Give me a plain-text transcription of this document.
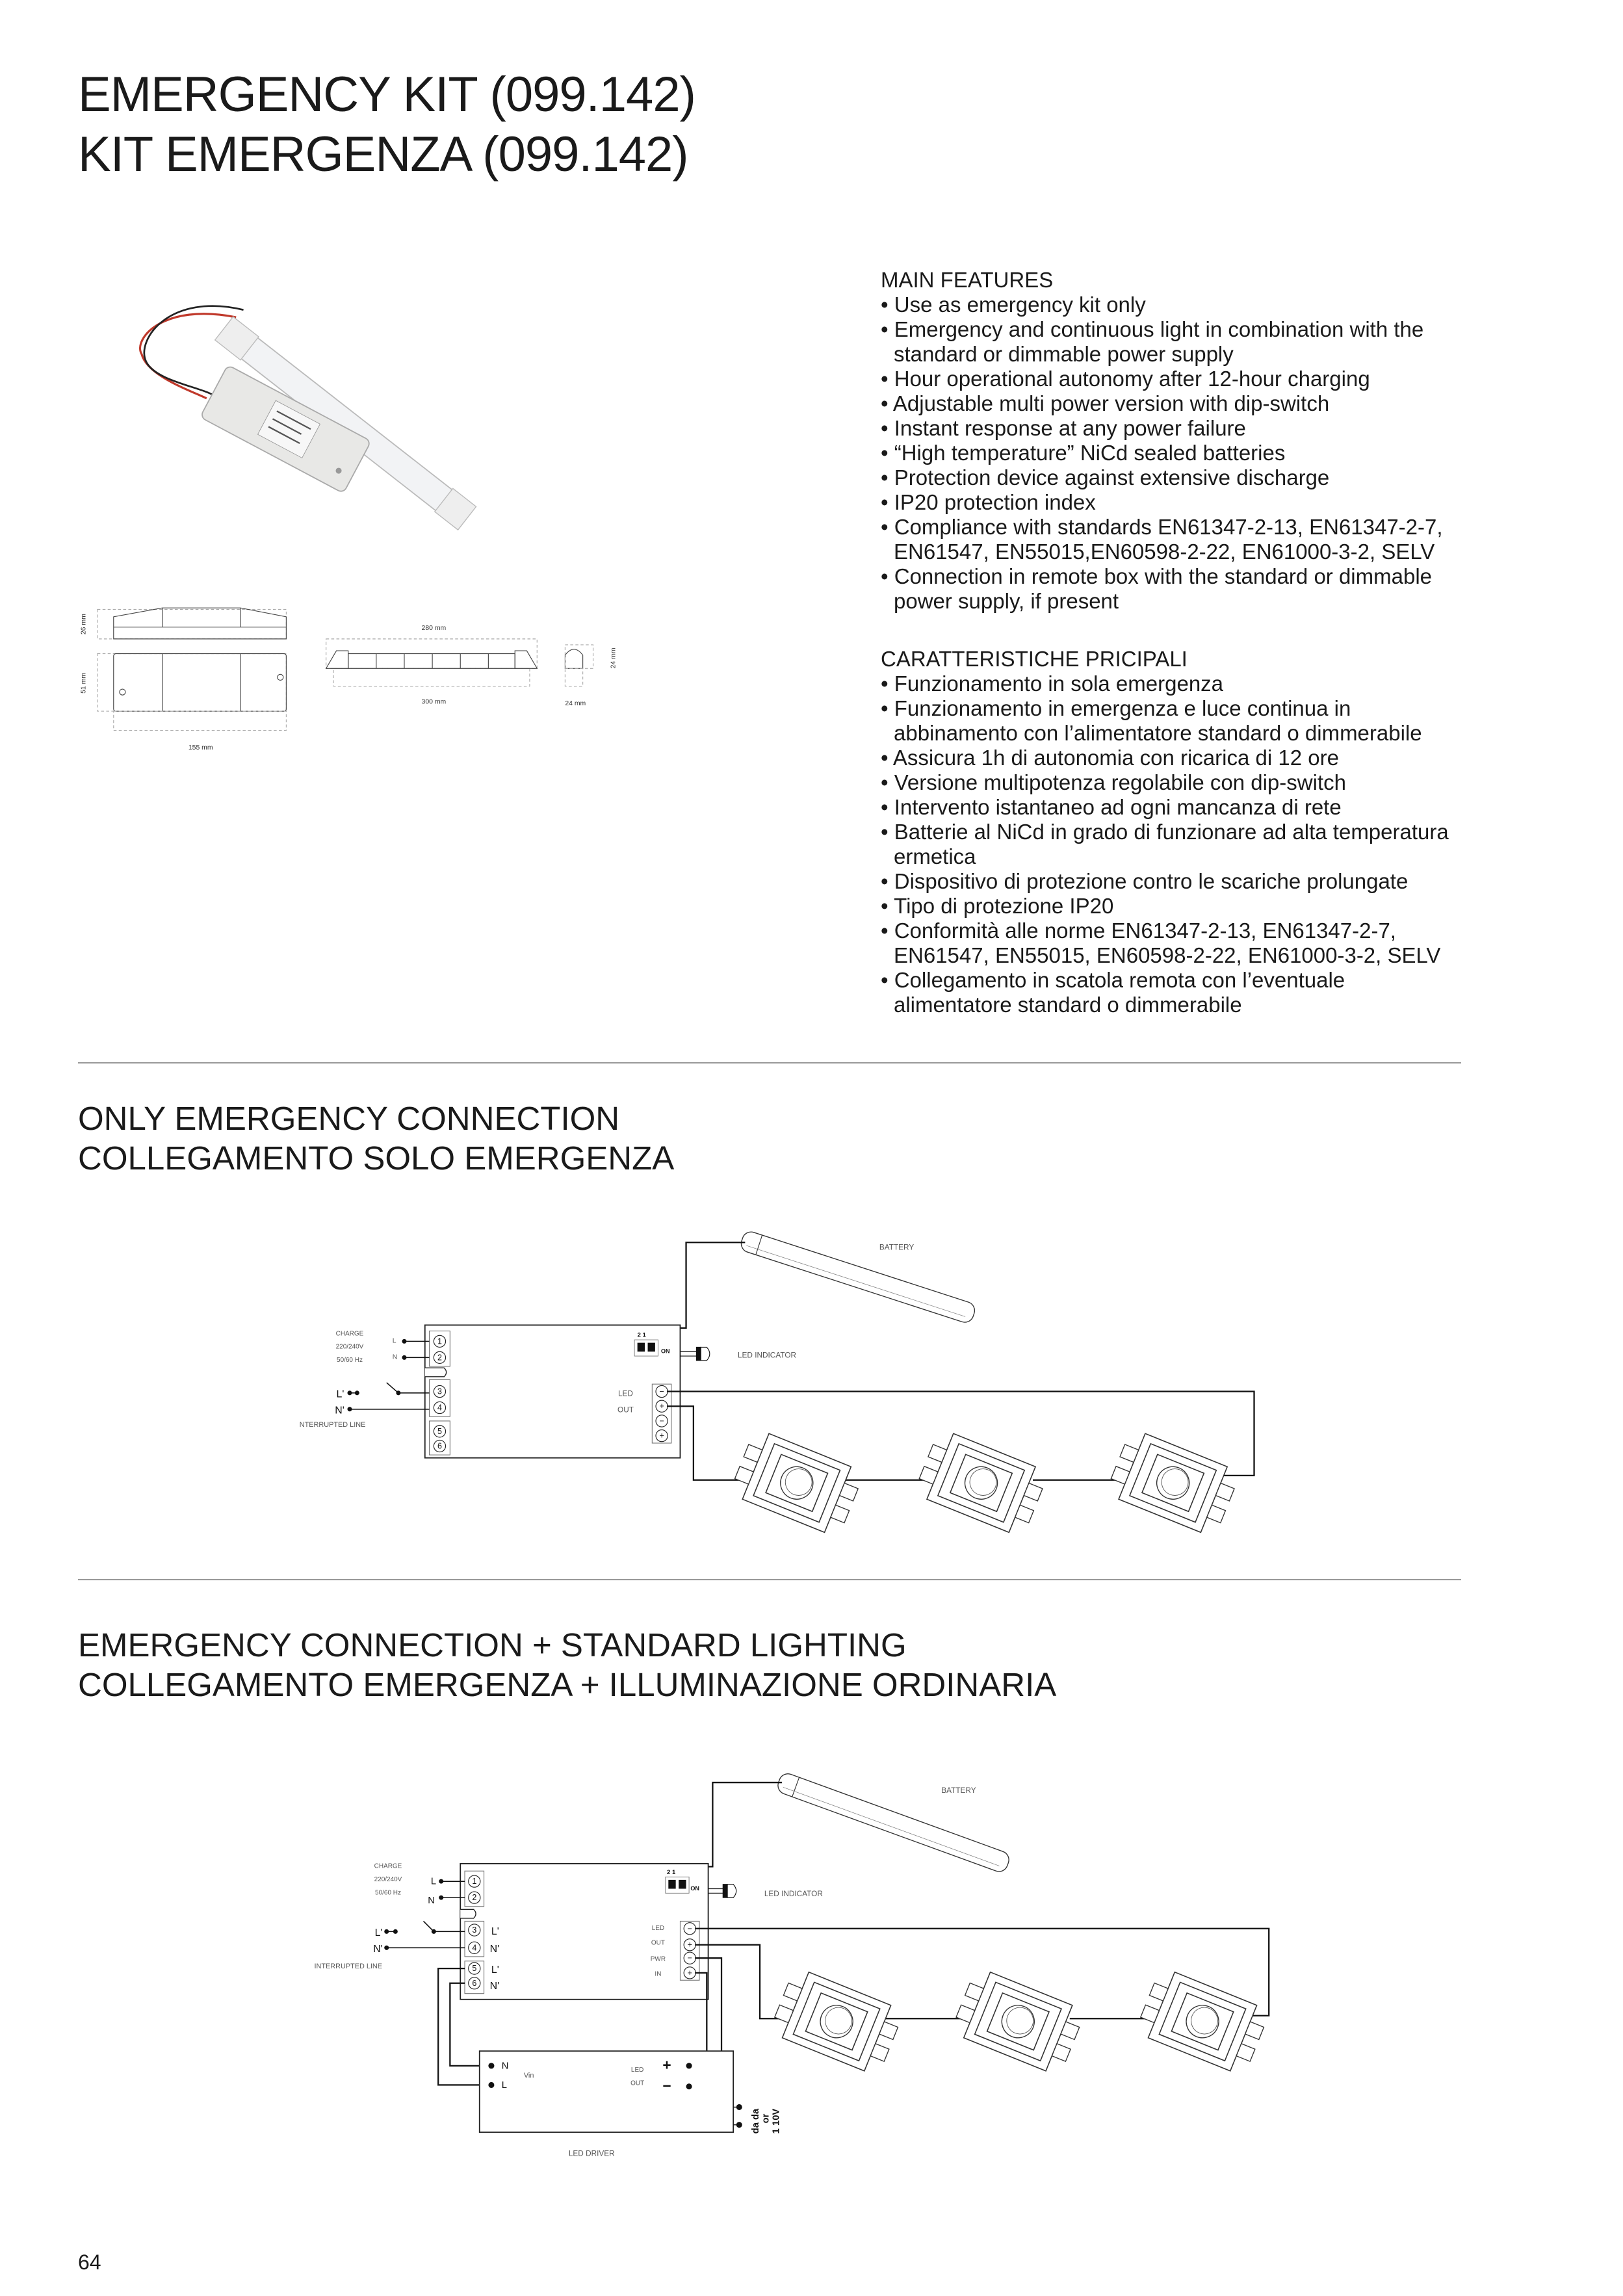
EMERGENCY KIT (099.142)
KIT EMERGENZA (099.142)
MAIN FEATURES
• Use as emergency kit only
• Emergency and continuous light in combination with the standard or dimmable power supply
• Hour operational autonomy after 12-hour charging
• Adjustable multi power version with dip-switch
• Instant response at any power failure
• “High temperature” NiCd sealed batteries
• Protection device against extensive discharge
• IP20 protection index
• Compliance with standards EN61347-2-13, EN61347-2-7, EN61547, EN55015,EN60598-2-22, EN61000-3-2, SELV
• Connection in remote box with the standard or dimmable power supply, if present
CARATTERISTICHE PRICIPALI
• Funzionamento in sola emergenza
• Funzionamento in emergenza e luce continua in abbinamento con l’alimentatore standard o dimmerabile
• Assicura 1h di autonomia con ricarica di 12 ore
• Versione multipotenza regolabile con dip-switch
• Intervento istantaneo ad ogni mancanza di rete
• Batterie al NiCd in grado di funzionare ad alta temperatura ermetica
• Dispositivo di protezione contro le scariche prolungate
• Tipo di protezione IP20
• Conformità alle norme EN61347-2-13, EN61347-2-7, EN61547, EN55015, EN60598-2-22, EN61000-3-2, SELV
• Collegamento in scatola remota con l’eventuale alimentatore standard o dimmerabile
ONLY EMERGENCY CONNECTION
COLLEGAMENTO SOLO EMERGENZA
EMERGENCY CONNECTION + STANDARD LIGHTING
COLLEGAMENTO EMERGENZA + ILLUMINAZIONE ORDINARIA
64
26 mm
51 mm
155 mm
280 mm
300 mm	24 mm
24 mm
BATTERY
1
2
3
4
5
6
CHARGE
220/240V
50/60 Hz
L
N
L'
N'
NTERRUPTED LINE
2 1
ON	LED INDICATOR
LED
OUT
−
+
−
+
BATTERY
1
2
3
4
5
6
L'
N'
L'
N'
CHARGE
220/240V
50/60 Hz
L
N
L'
N'
INTERRUPTED LINE
2 1
ON
LED INDICATOR
LED
OUT
PWR
IN
−
+
−
+
N
L
Vin
LED
OUT
+
−
da da or 1 10V
LED DRIVER
